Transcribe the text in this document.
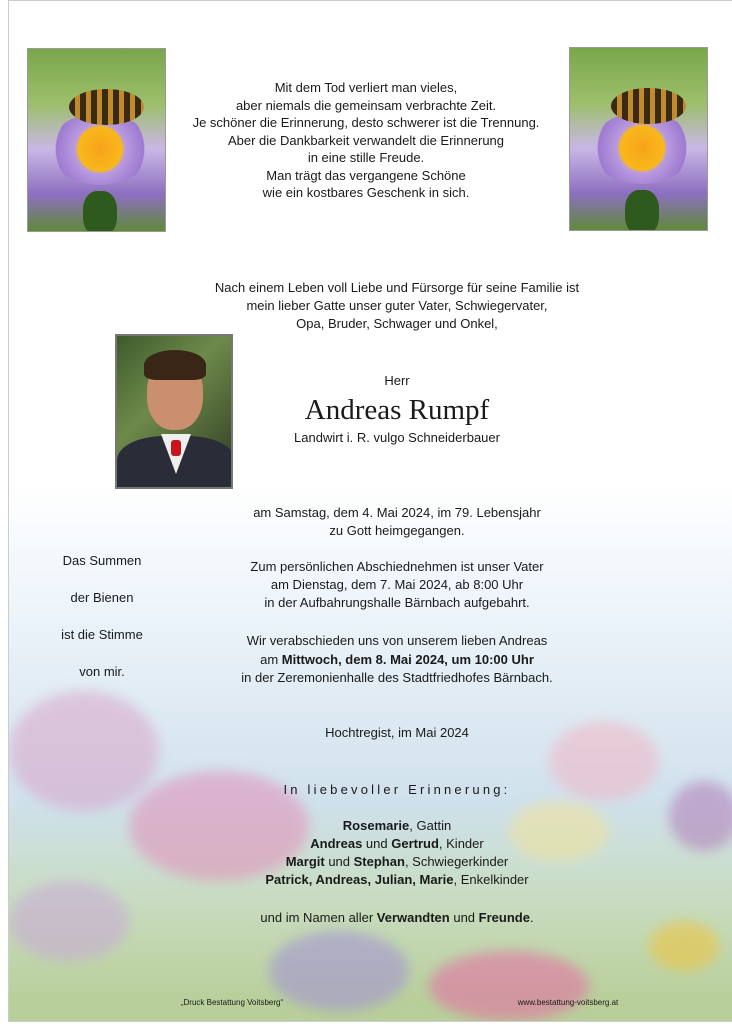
Mit dem Tod verliert man vieles,
aber niemals die gemeinsam verbrachte Zeit.
Je schöner die Erinnerung, desto schwerer ist die Trennung.
Aber die Dankbarkeit verwandelt die Erinnerung
in eine stille Freude.
Man trägt das vergangene Schöne
wie ein kostbares Geschenk in sich.
Nach einem Leben voll Liebe und Fürsorge für seine Familie ist
mein lieber Gatte unser guter Vater, Schwiegervater,
Opa, Bruder, Schwager und Onkel,
Herr
Andreas Rumpf
Landwirt i. R. vulgo Schneiderbauer
am Samstag, dem 4. Mai 2024, im 79. Lebensjahr
zu Gott heimgegangen.
Zum persönlichen Abschiednehmen ist unser Vater
am Dienstag, dem 7. Mai 2024, ab 8:00 Uhr
in der Aufbahrungshalle Bärnbach aufgebahrt.
Wir verabschieden uns von unserem lieben Andreas
am Mittwoch, dem 8. Mai 2024, um 10:00 Uhr
in der Zeremonienhalle des Stadtfriedhofes Bärnbach.
Hochtregist, im Mai 2024
In liebevoller Erinnerung:
Rosemarie, Gattin
Andreas und Gertrud, Kinder
Margit und Stephan, Schwiegerkinder
Patrick, Andreas, Julian, Marie, Enkelkinder
und im Namen aller Verwandten und Freunde.
Das Summen
der Bienen
ist die Stimme
von mir.
„Druck Bestattung Voitsberg“	www.bestattung-voitsberg.at
